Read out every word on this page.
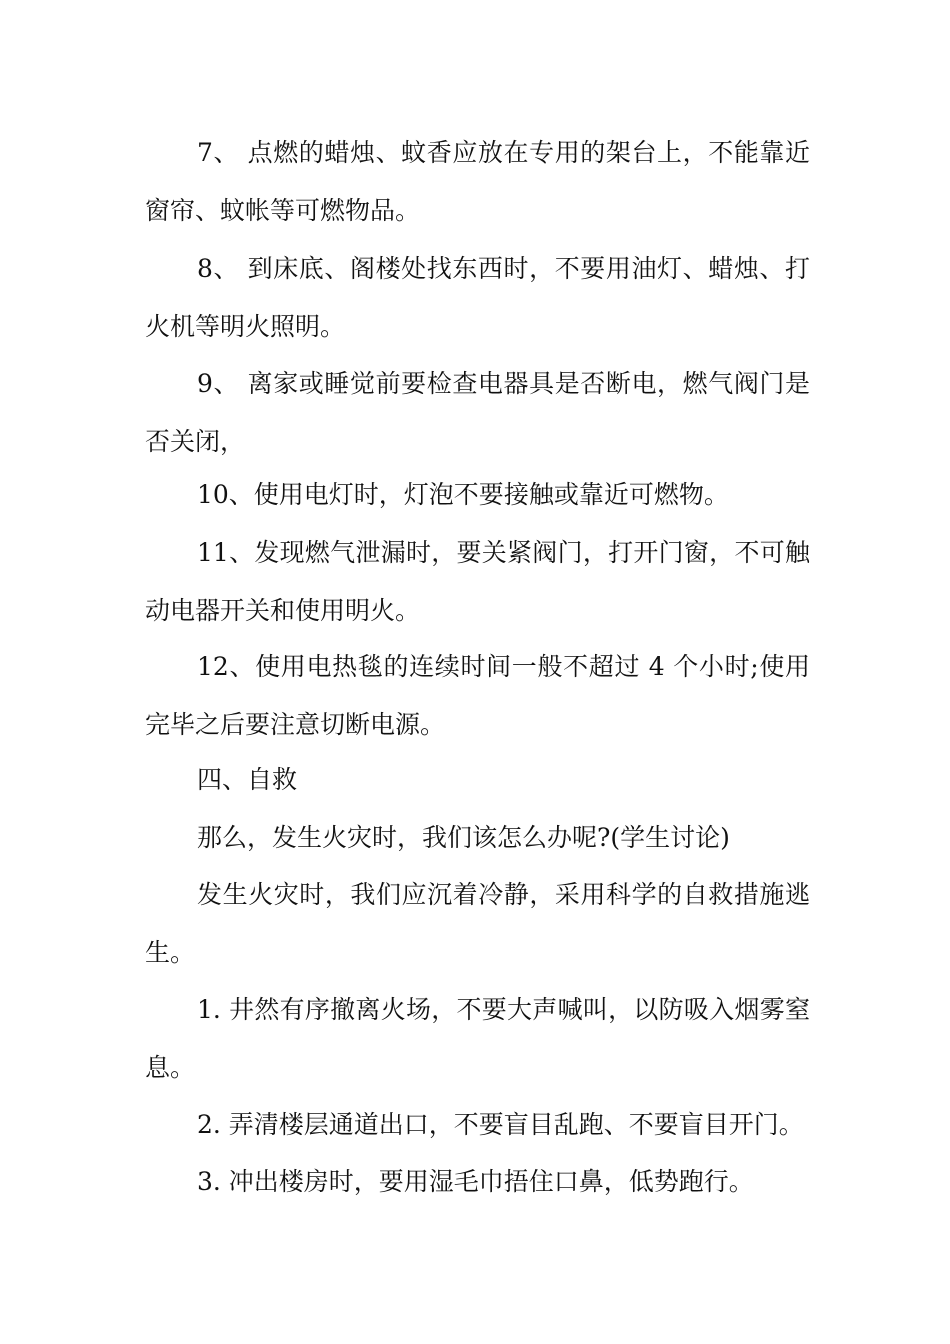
7、 点燃的蜡烛、蚊香应放在专用的架台上，不能靠近窗帘、蚊帐等可燃物品。

8、 到床底、阁楼处找东西时，不要用油灯、蜡烛、打火机等明火照明。

9、 离家或睡觉前要检查电器具是否断电，燃气阀门是否关闭，

10、使用电灯时，灯泡不要接触或靠近可燃物。

11、发现燃气泄漏时，要关紧阀门，打开门窗，不可触动电器开关和使用明火。

12、使用电热毯的连续时间一般不超过 4 个小时;使用完毕之后要注意切断电源。

四、自救

那么，发生火灾时，我们该怎么办呢?(学生讨论)

发生火灾时，我们应沉着冷静，采用科学的自救措施逃生。

1. 井然有序撤离火场，不要大声喊叫，以防吸入烟雾窒息。

2. 弄清楼层通道出口，不要盲目乱跑、不要盲目开门。

3. 冲出楼房时，要用湿毛巾捂住口鼻，低势跑行。
